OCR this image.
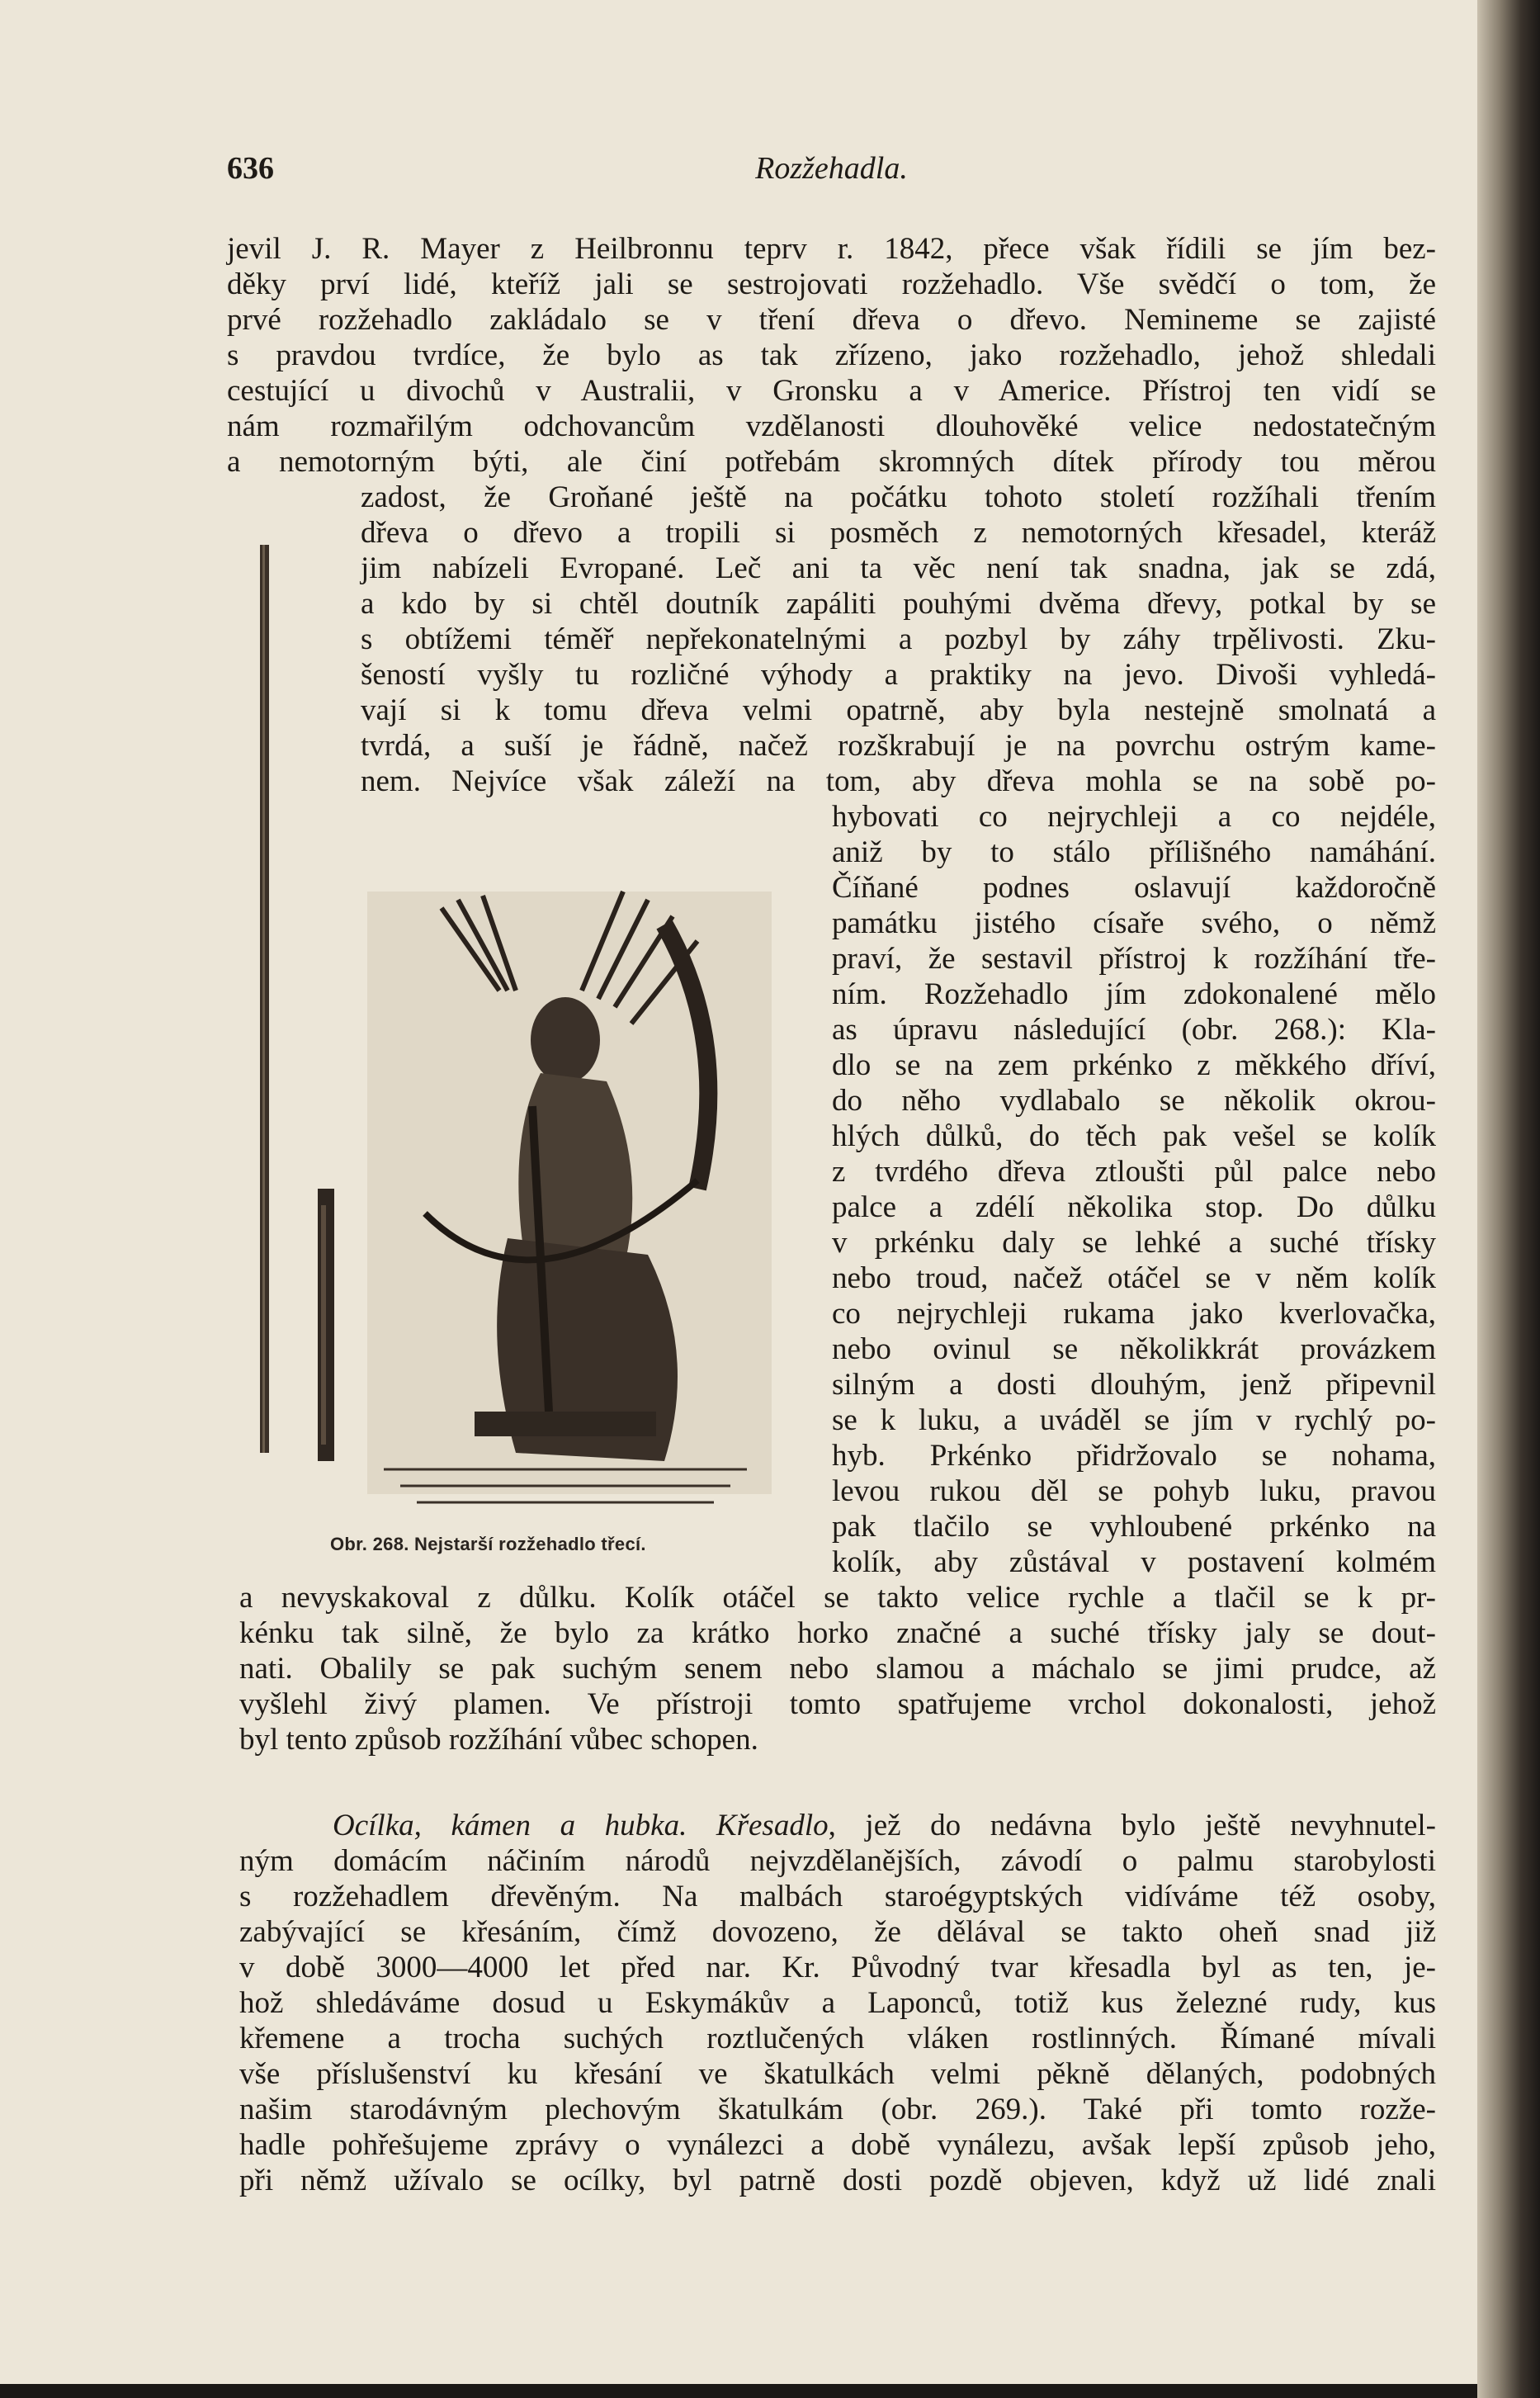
636	Rozžehadla.
jevil J. R. Mayer z Heilbronnu teprv r. 1842, přece však řídili se jím bez-
děky prví lidé, kteříž jali se sestrojovati rozžehadlo. Vše svědčí o tom, že
prvé rozžehadlo zakládalo se v tření dřeva o dřevo. Nemineme se zajisté
s pravdou tvrdíce, že bylo as tak zřízeno, jako rozžehadlo, jehož shledali
cestující u divochů v Australii, v Gronsku a v Americe. Přístroj ten vidí se
nám rozmařilým odchovancům vzdělanosti dlouhověké velice nedostatečným
a nemotorným býti, ale činí potřebám skromných dítek přírody tou měrou
zadost, že Groňané ještě na počátku tohoto století rozžíhali třením
dřeva o dřevo a tropili si posměch z nemotorných křesadel, kteráž
jim nabízeli Evropané. Leč ani ta věc není tak snadna, jak se zdá,
a kdo by si chtěl doutník zapáliti pouhými dvěma dřevy, potkal by se
s obtížemi téměř nepřekonatelnými a pozbyl by záhy trpělivosti. Zku-
šeností vyšly tu rozličné výhody a praktiky na jevo. Divoši vyhledá-
vají si k tomu dřeva velmi opatrně, aby byla nestejně smolnatá a
tvrdá, a suší je řádně, načež rozškrabují je na povrchu ostrým kame-
nem. Nejvíce však záleží na tom, aby dřeva mohla se na sobě po-
hybovati co nejrychleji a co nejdéle,
aniž by to stálo přílišného namáhání.
Číňané podnes oslavují každoročně
památku jistého císaře svého, o němž
praví, že sestavil přístroj k rozžíhání tře-
ním. Rozžehadlo jím zdokonalené mělo
as úpravu následující (obr. 268.): Kla-
dlo se na zem prkénko z měkkého dříví,
do něho vydlabalo se několik okrou-
hlých důlků, do těch pak vešel se kolík
z tvrdého dřeva ztloušti půl palce nebo
palce a zdélí několika stop. Do důlku
v prkénku daly se lehké a suché třísky
nebo troud, načež otáčel se v něm kolík
co nejrychleji rukama jako kverlovačka,
nebo ovinul se několikkrát provázkem
silným a dosti dlouhým, jenž připevnil
se k luku, a uváděl se jím v rychlý po-
hyb. Prkénko přidržovalo se nohama,
levou rukou děl se pohyb luku, pravou
pak tlačilo se vyhloubené prkénko na
kolík, aby zůstával v postavení kolmém
a nevyskakoval z důlku. Kolík otáčel se takto velice rychle a tlačil se k pr-
kénku tak silně, že bylo za krátko horko značné a suché třísky jaly se dout-
nati. Obalily se pak suchým senem nebo slamou a máchalo se jimi prudce, až
vyšlehl živý plamen. Ve přístroji tomto spatřujeme vrchol dokonalosti, jehož
byl tento způsob rozžíhání vůbec schopen.
Ocílka, kámen a hubka. Křesadlo, jež do nedávna bylo ještě nevyhnutel-
ným domácím náčiním národů nejvzdělanějších, závodí o palmu starobylosti
s rozžehadlem dřevěným. Na malbách staroégyptských vidíváme též osoby,
zabývající se křesáním, čímž dovozeno, že dělával se takto oheň snad již
v době 3000—4000 let před nar. Kr. Původný tvar křesadla byl as ten, je-
hož shledáváme dosud u Eskymákův a Laponců, totiž kus železné rudy, kus
křemene a trocha suchých roztlučených vláken rostlinných. Římané mívali
vše příslušenství ku křesání ve škatulkách velmi pěkně dělaných, podobných
našim starodávným plechovým škatulkám (obr. 269.). Také při tomto rozže-
hadle pohřešujeme zprávy o vynálezci a době vynálezu, avšak lepší způsob jeho,
při němž užívalo se ocílky, byl patrně dosti pozdě objeven, když už lidé znali
Obr. 268. Nejstarší rozžehadlo třecí.
